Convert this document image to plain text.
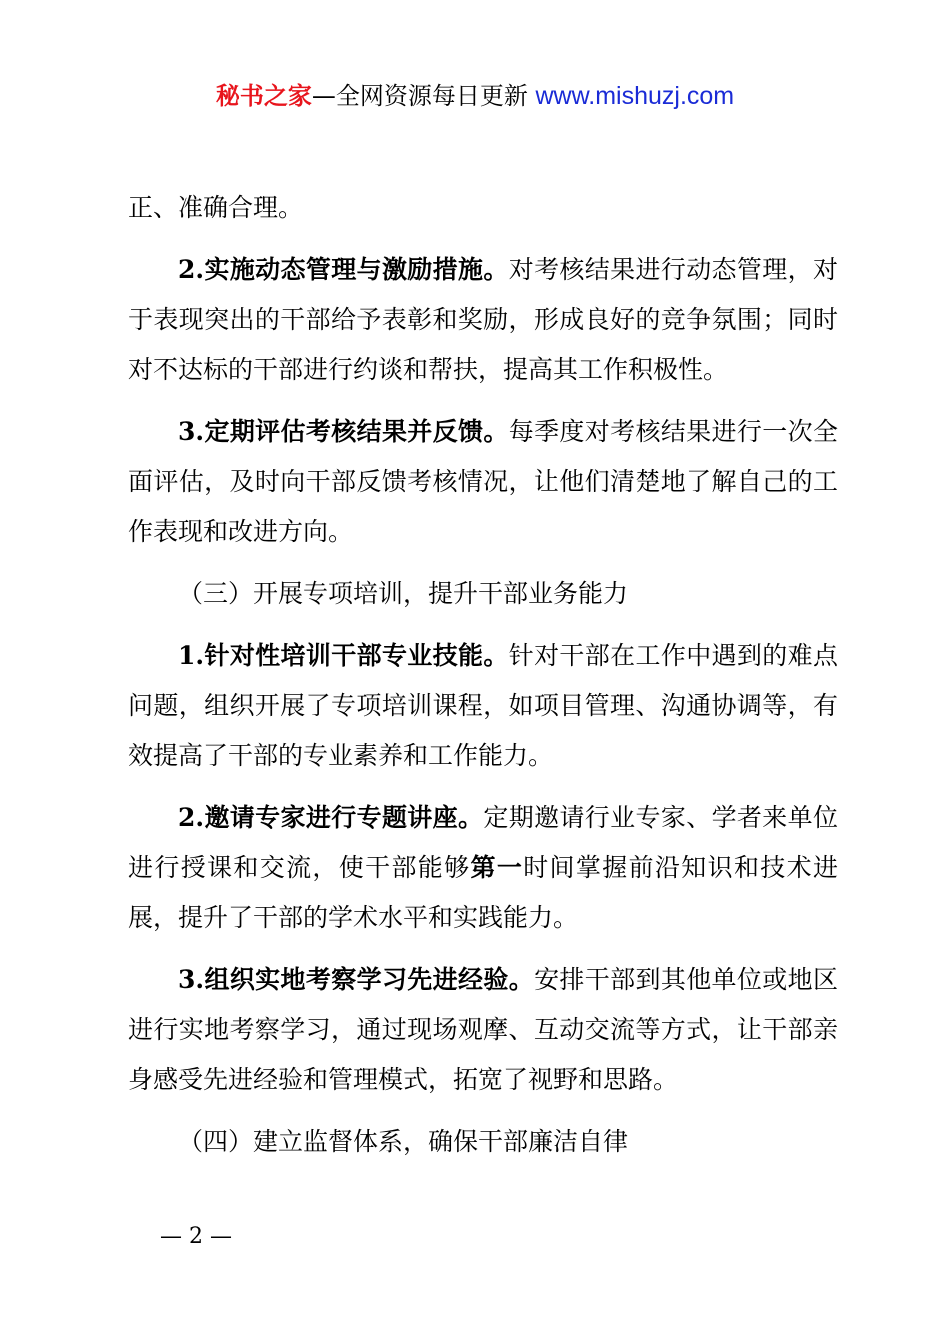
秘书之家—全网资源每日更新 www.mishuzj.com

正、准确合理。

2.实施动态管理与激励措施。对考核结果进行动态管理，对于表现突出的干部给予表彰和奖励，形成良好的竞争氛围；同时对不达标的干部进行约谈和帮扶，提高其工作积极性。

3.定期评估考核结果并反馈。每季度对考核结果进行一次全面评估，及时向干部反馈考核情况，让他们清楚地了解自己的工作表现和改进方向。

（三）开展专项培训，提升干部业务能力

1.针对性培训干部专业技能。针对干部在工作中遇到的难点问题，组织开展了专项培训课程，如项目管理、沟通协调等，有效提高了干部的专业素养和工作能力。

2.邀请专家进行专题讲座。定期邀请行业专家、学者来单位进行授课和交流，使干部能够第一时间掌握前沿知识和技术进展，提升了干部的学术水平和实践能力。

3.组织实地考察学习先进经验。安排干部到其他单位或地区进行实地考察学习，通过现场观摩、互动交流等方式，让干部亲身感受先进经验和管理模式，拓宽了视野和思路。

（四）建立监督体系，确保干部廉洁自律

— 2 —
